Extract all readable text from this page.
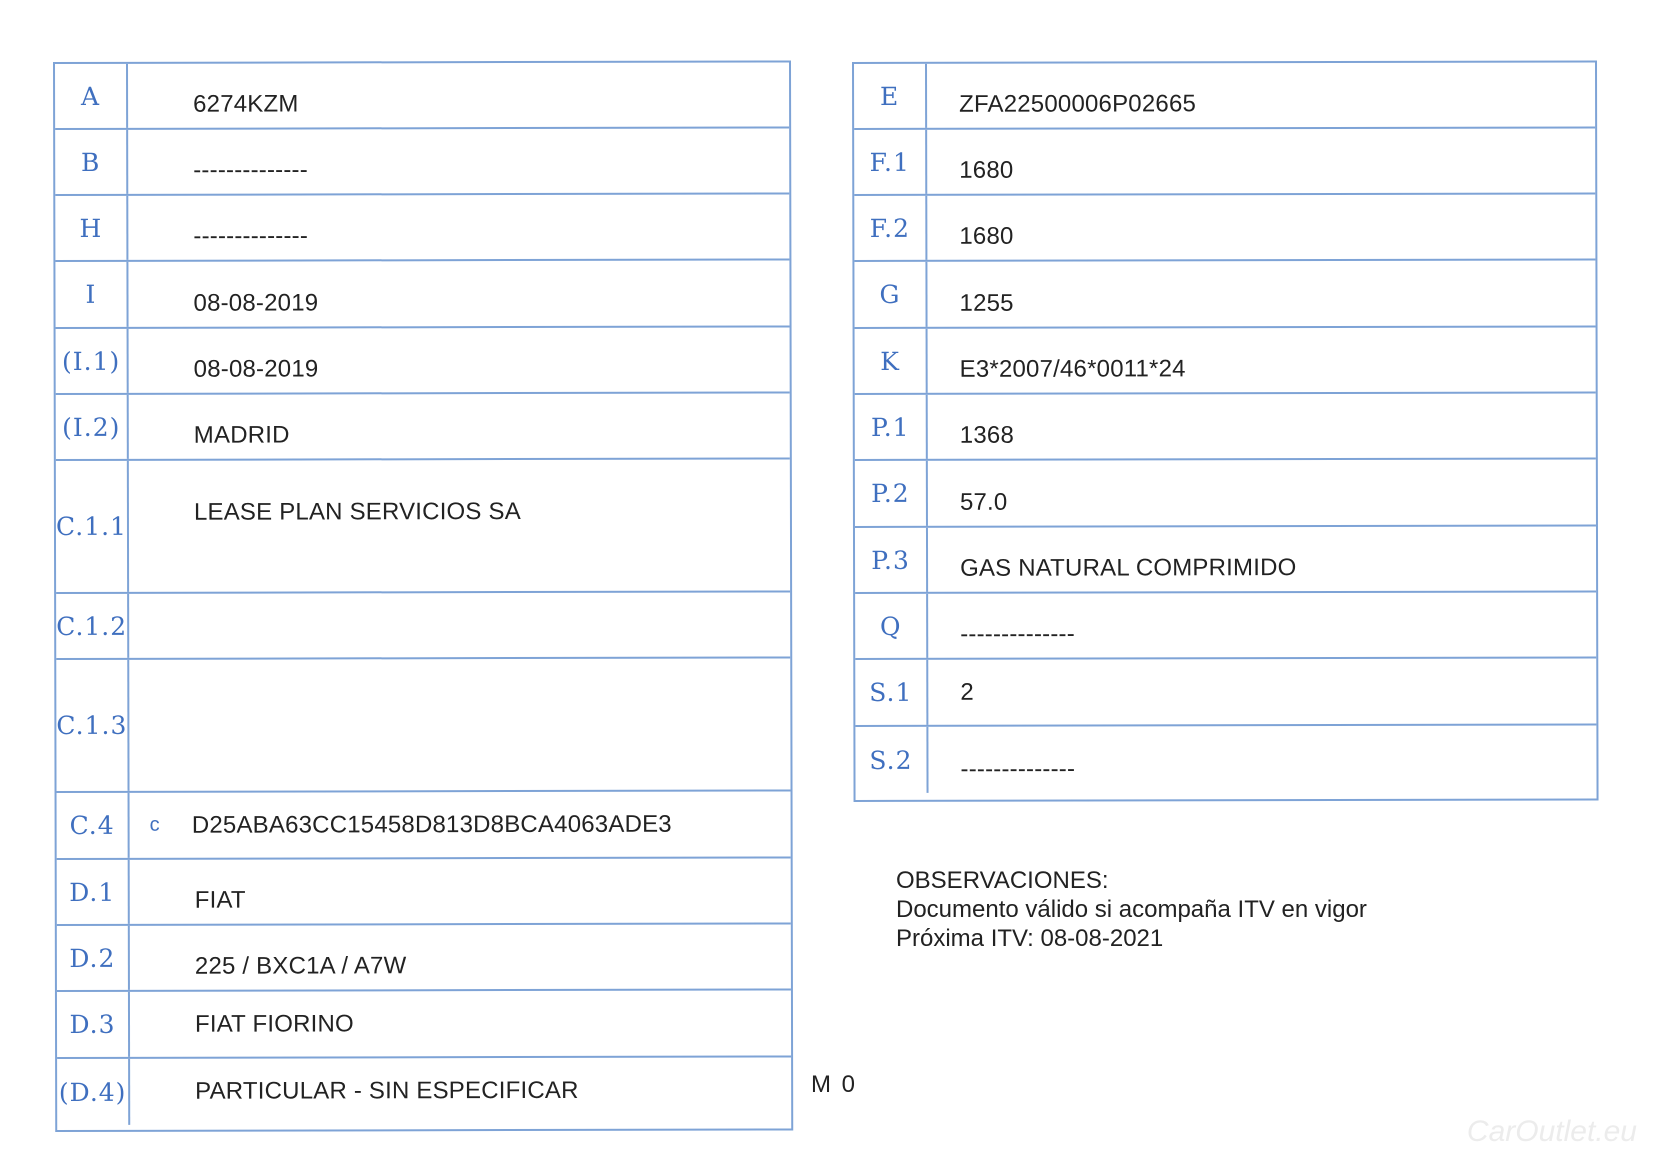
A	6274KZM
B	--------------
H	--------------
I	08-08-2019
(I.1)	08-08-2019
(I.2)	MADRID
C.1.1	LEASE PLAN SERVICIOS SA
C.1.2
C.1.3
C.4	c D25ABA63CC15458D813D8BCA4063ADE3
D.1	FIAT
D.2	225 / BXC1A / A7W
D.3	FIAT FIORINO
(D.4)	PARTICULAR - SIN ESPECIFICAR
E	ZFA22500006P02665
F.1	1680
F.2	1680
G	1255
K	E3*2007/46*0011*24
P.1	1368
P.2	57.0
P.3	GAS NATURAL COMPRIMIDO
Q	--------------
S.1	2
S.2	--------------
OBSERVACIONES:
Documento válido si acompaña ITV en vigor
Próxima ITV: 08-08-2021
M 0
CarOutlet.eu
